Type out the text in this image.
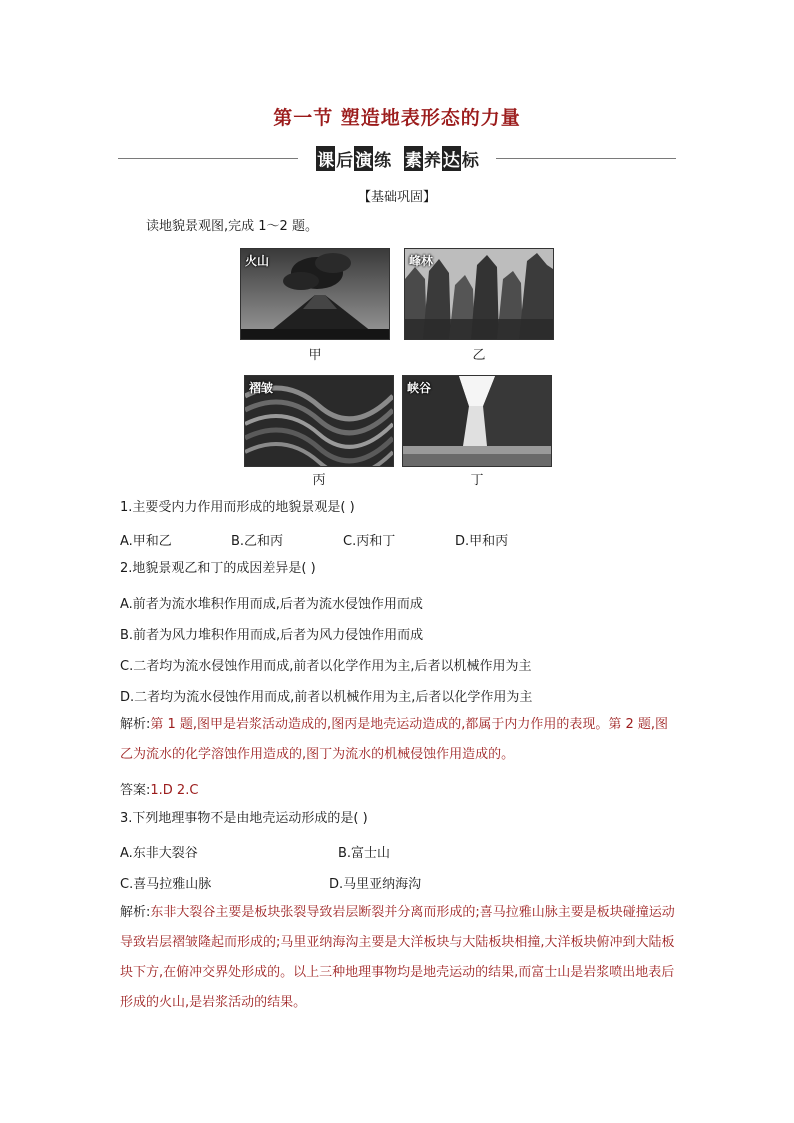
第一节 塑造地表形态的力量
课 后 演 练 素 养 达 标
【基础巩固】
读地貌景观图,完成 1～2 题。
火山
甲
峰林
乙
褶皱
丙
峡谷
丁
1.主要受内力作用而形成的地貌景观是( )
A.甲和乙	B.乙和丙	C.丙和丁	D.甲和丙
2.地貌景观乙和丁的成因差异是( )
A.前者为流水堆积作用而成,后者为流水侵蚀作用而成
B.前者为风力堆积作用而成,后者为风力侵蚀作用而成
C.二者均为流水侵蚀作用而成,前者以化学作用为主,后者以机械作用为主
D.二者均为流水侵蚀作用而成,前者以机械作用为主,后者以化学作用为主
解析:第 1 题,图甲是岩浆活动造成的,图丙是地壳运动造成的,都属于内力作用的表现。第 2 题,图乙为流水的化学溶蚀作用造成的,图丁为流水的机械侵蚀作用造成的。
答案:1.D 2.C
3.下列地理事物不是由地壳运动形成的是( )
A.东非大裂谷	B.富士山
C.喜马拉雅山脉	D.马里亚纳海沟
解析:东非大裂谷主要是板块张裂导致岩层断裂并分离而形成的;喜马拉雅山脉主要是板块碰撞运动导致岩层褶皱隆起而形成的;马里亚纳海沟主要是大洋板块与大陆板块相撞,大洋板块俯冲到大陆板块下方,在俯冲交界处形成的。以上三种地理事物均是地壳运动的结果,而富士山是岩浆喷出地表后形成的火山,是岩浆活动的结果。
